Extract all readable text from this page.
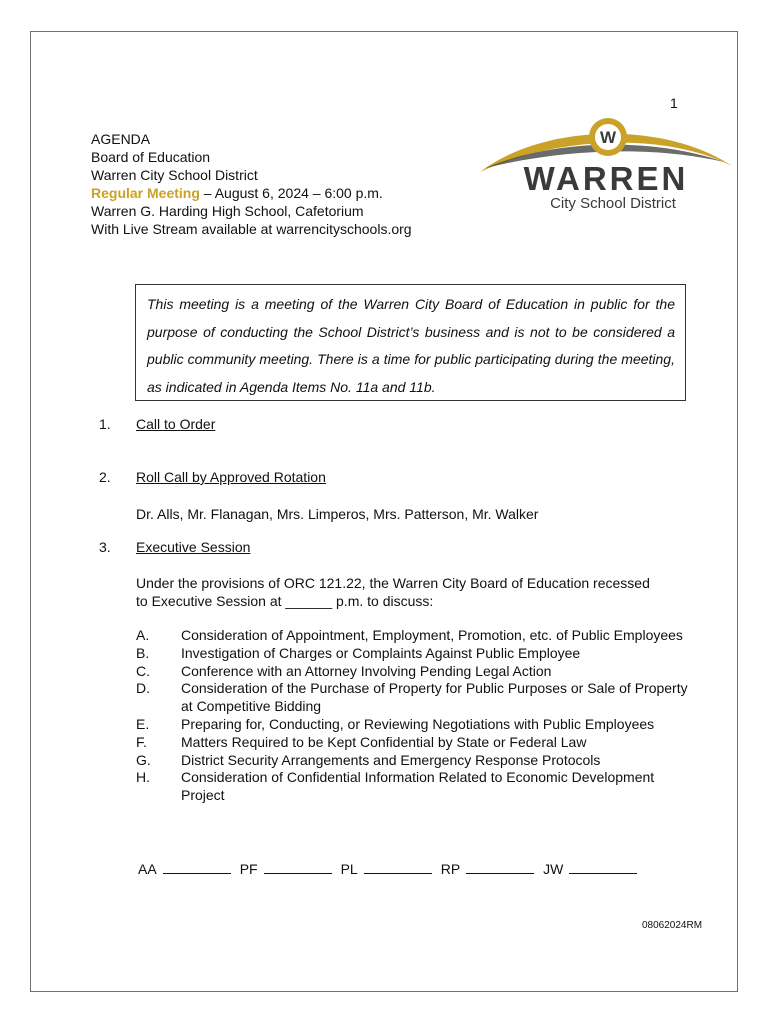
1
AGENDA
Board of Education
Warren City School District
Regular Meeting – August 6, 2024 – 6:00 p.m.
Warren G. Harding High School, Cafetorium
With Live Stream available at warrencityschools.org
W
WARREN
City School District
This meeting is a meeting of the Warren City Board of Education in public for the purpose of conducting the School District’s business and is not to be considered a public community meeting. There is a time for public participating during the meeting, as indicated in Agenda Items No. 11a and 11b.
1. Call to Order
2. Roll Call by Approved Rotation
Dr. Alls, Mr. Flanagan, Mrs. Limperos, Mrs. Patterson, Mr. Walker
3. Executive Session
Under the provisions of ORC 121.22, the Warren City Board of Education recessed
to Executive Session at ______ p.m. to discuss:
A.	Consideration of Appointment, Employment, Promotion, etc. of Public Employees
B.	Investigation of Charges or Complaints Against Public Employee
C.	Conference with an Attorney Involving Pending Legal Action
D.	Consideration of the Purchase of Property for Public Purposes or Sale of Property at Competitive Bidding
E.	Preparing for, Conducting, or Reviewing Negotiations with Public Employees
F.	Matters Required to be Kept Confidential by State or Federal Law
G.	District Security Arrangements and Emergency Response Protocols
H.	Consideration of Confidential Information Related to Economic Development Project
AA	PF	PL	RP	JW
08062024RM
